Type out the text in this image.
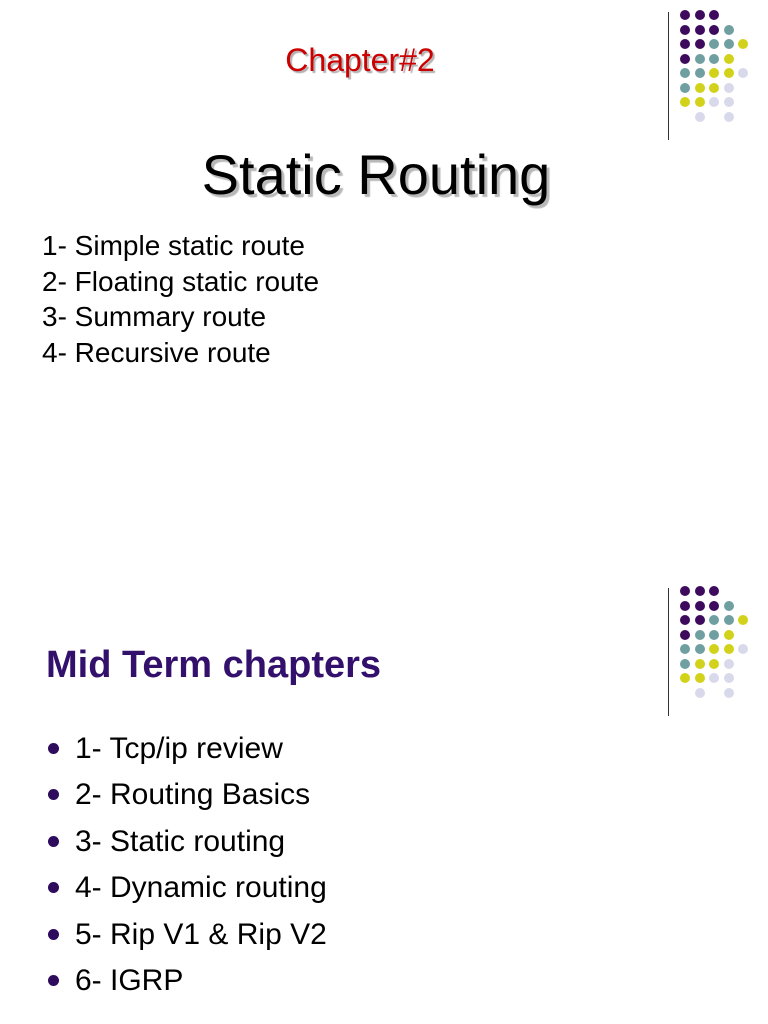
Chapter#2
Static Routing
1- Simple static route
2- Floating static route
3- Summary route
4- Recursive route
Mid Term chapters
1- Tcp/ip review
2- Routing Basics
3- Static routing
4- Dynamic routing
5- Rip V1 & Rip V2
6- IGRP
